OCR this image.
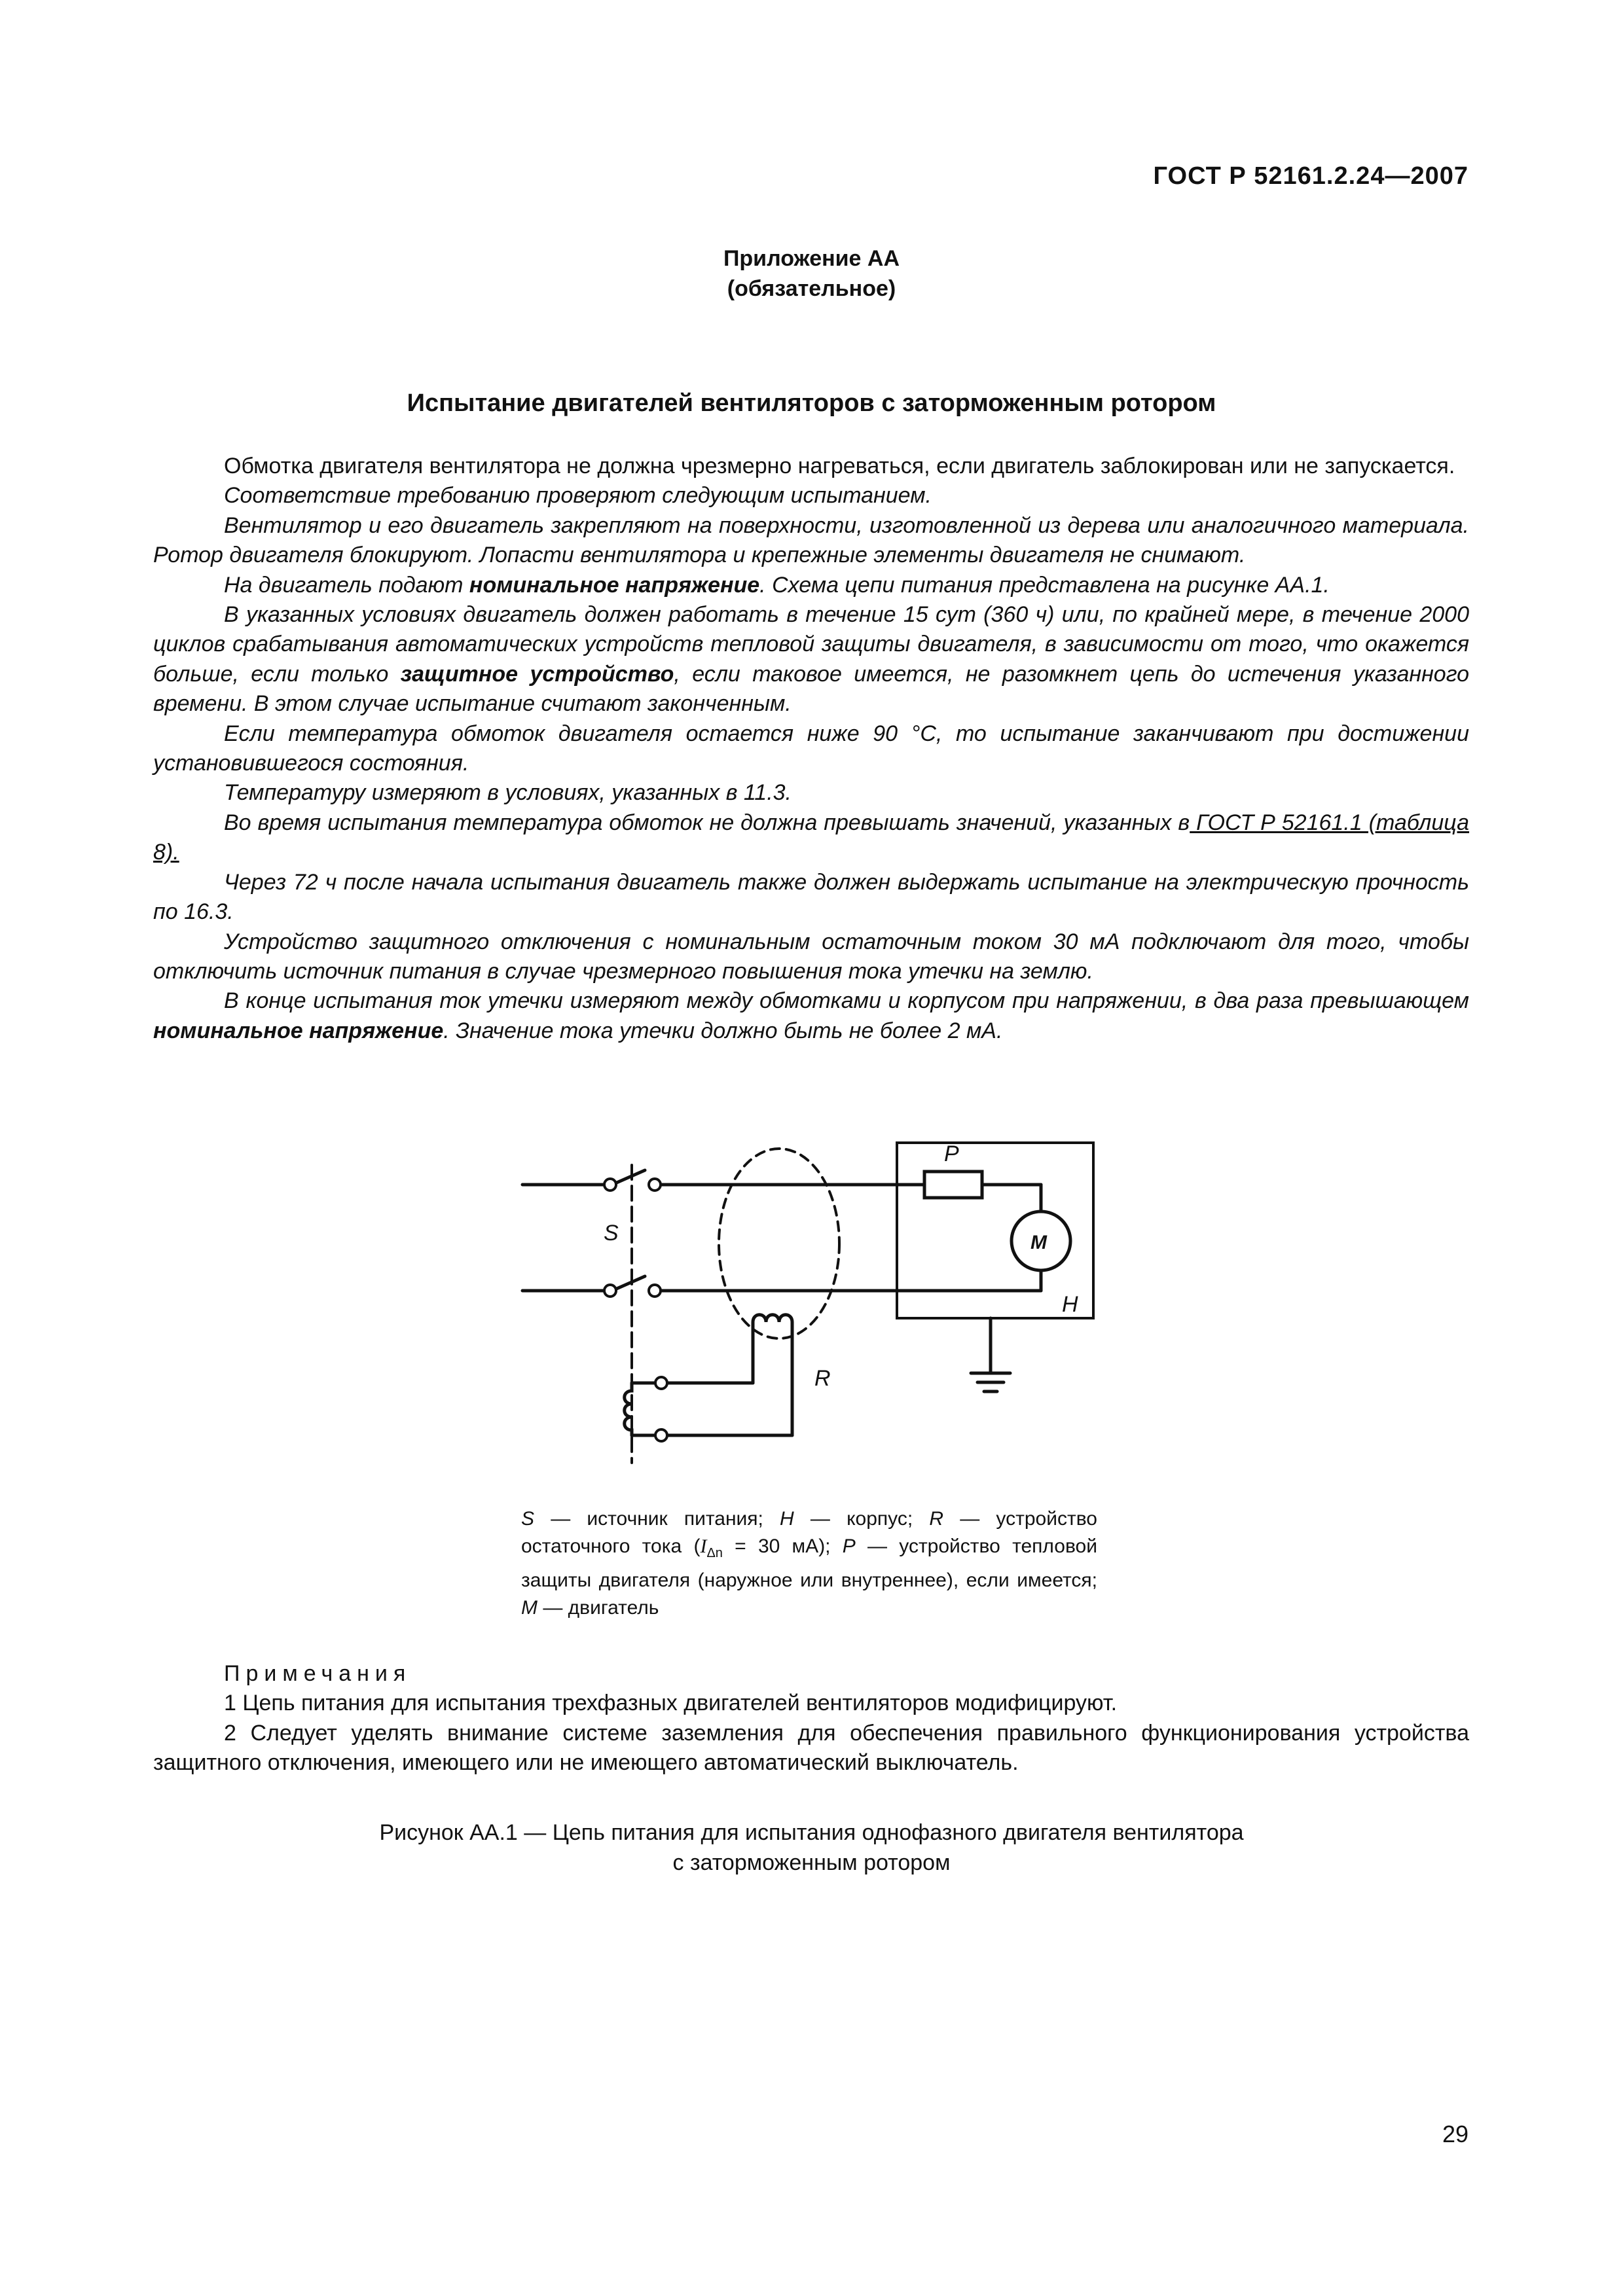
ГОСТ Р 52161.2.24—2007
Приложение АА
(обязательное)
Испытание двигателей вентиляторов с заторможенным ротором

Обмотка двигателя вентилятора не должна чрезмерно нагреваться, если двигатель заблокирован или не запускается.

Соответствие требованию проверяют следующим испытанием.

Вентилятор и его двигатель закрепляют на поверхности, изготовленной из дерева или аналогичного материала. Ротор двигателя блокируют. Лопасти вентилятора и крепежные элементы двигателя не снимают.

На двигатель подают номинальное напряжение. Схема цепи питания представлена на рисунке АА.1.

В указанных условиях двигатель должен работать в течение 15 сут (360 ч) или, по крайней мере, в течение 2000 циклов срабатывания автоматических устройств тепловой защиты двигателя, в зависимости от того, что окажется больше, если только защитное устройство, если таковое имеется, не разомкнет цепь до истечения указанного времени. В этом случае испытание считают законченным.

Если температура обмоток двигателя остается ниже 90 °С, то испытание заканчивают при достижении установившегося состояния.

Температуру измеряют в условиях, указанных в 11.3.

Во время испытания температура обмоток не должна превышать значений, указанных в ГОСТ Р 52161.1 (таблица 8).

Через 72 ч после начала испытания двигатель также должен выдержать испытание на электрическую прочность по 16.3.

Устройство защитного отключения с номинальным остаточным током 30 мА подключают для того, чтобы отключить источник питания в случае чрезмерного повышения тока утечки на землю.

В конце испытания ток утечки измеряют между обмотками и корпусом при напряжении, в два раза превышающем номинальное напряжение. Значение тока утечки должно быть не более 2 мА.

S
R
P
M
H
S — источник питания; H — корпус; R — устройство остаточного тока ($I_{\Delta n} = 30$ мА); P — устройство тепловой защиты двигателя (наружное или внутреннее), если имеется; M — двигатель

Примечания

1 Цепь питания для испытания трехфазных двигателей вентиляторов модифицируют.

2 Следует уделять внимание системе заземления для обеспечения правильного функционирования устройства защитного отключения, имеющего или не имеющего автоматический выключатель.

Рисунок АА.1 — Цепь питания для испытания однофазного двигателя вентилятора
с заторможенным ротором
29
